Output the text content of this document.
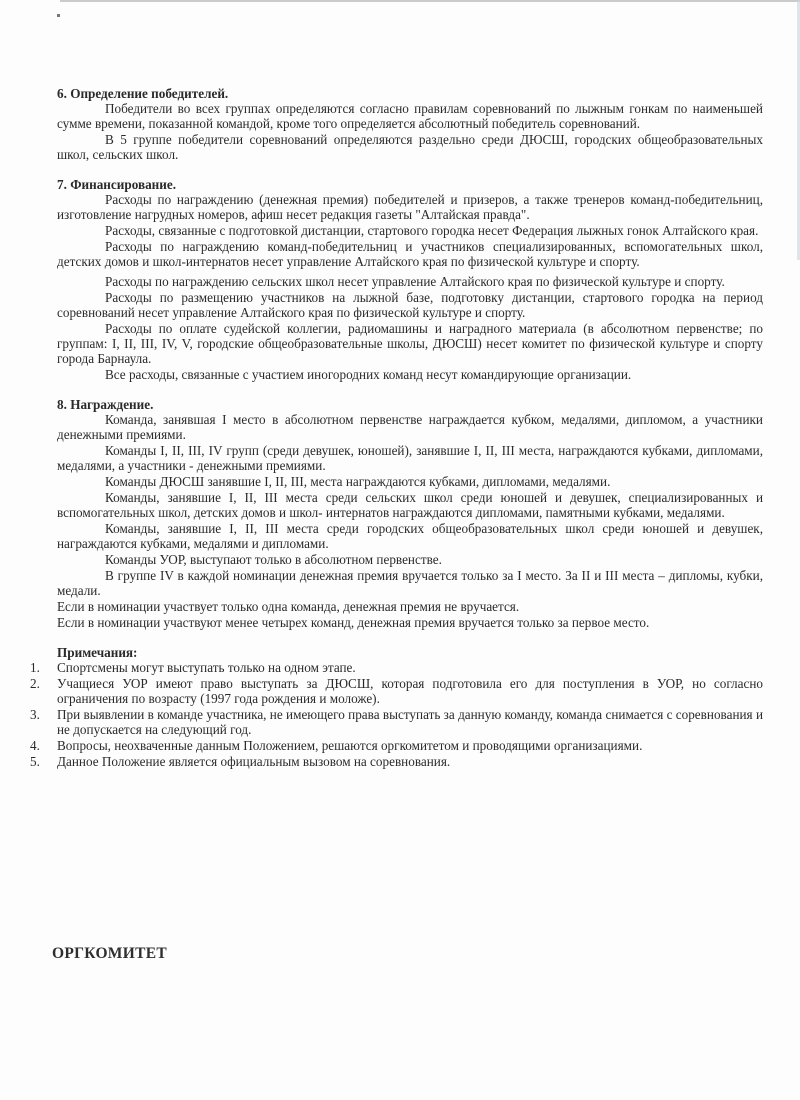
6. Определение победителей.

Победители во всех группах определяются согласно правилам соревнований по лыжным гонкам по наименьшей сумме времени, показанной командой, кроме того определяется абсолютный победитель соревнований.

В 5 группе победители соревнований определяются раздельно среди ДЮСШ, городских общеобразовательных школ, сельских школ.

7. Финансирование.

Расходы по награждению (денежная премия) победителей и призеров, а также тренеров команд-победительниц, изготовление нагрудных номеров, афиш несет редакция газеты "Алтайская правда".

Расходы, связанные с подготовкой дистанции, стартового городка несет Федерация лыжных гонок Алтайского края.

Расходы по награждению команд-победительниц и участников специализированных, вспомогательных школ, детских домов и школ-интернатов несет управление Алтайского края по физической культуре и спорту.

Расходы по награждению сельских школ несет управление Алтайского края по физической культуре и спорту.

Расходы по размещению участников на лыжной базе, подготовку дистанции, стартового городка на период соревнований несет управление Алтайского края по физической культуре и спорту.

Расходы по оплате судейской коллегии, радиомашины и наградного материала (в абсолютном первенстве; по группам: I, II, III, IV, V, городские общеобразовательные школы, ДЮСШ) несет комитет по физической культуре и спорту города Барнаула.

Все расходы, связанные с участием иногородних команд несут командирующие организации.

8. Награждение.

Команда, занявшая I место в абсолютном первенстве награждается кубком, медалями, дипломом, а участники денежными премиями.

Команды I, II, III, IV групп (среди девушек, юношей), занявшие I, II, III места, награждаются кубками, дипломами, медалями, а участники - денежными премиями.

Команды ДЮСШ занявшие I, II, III, места награждаются кубками, дипломами, медалями.

Команды, занявшие I, II, III места среди сельских школ среди юношей и девушек, специализированных и вспомогательных школ, детских домов и школ- интернатов награждаются дипломами, памятными кубками, медалями.

Команды, занявшие I, II, III места среди городских общеобразовательных школ среди юношей и девушек, награждаются кубками, медалями и дипломами.

Команды УОР, выступают только в абсолютном первенстве.

В группе IV в каждой номинации денежная премия вручается только за I место. За II и III места – дипломы, кубки, медали.

Если в номинации участвует только одна команда, денежная премия не вручается.

Если в номинации участвуют менее четырех команд, денежная премия вручается только за первое место.

Примечания:

1. Спортсмены могут выступать только на одном этапе.
2. Учащиеся УОР имеют право выступать за ДЮСШ, которая подготовила его для поступления в УОР, но согласно ограничения по возрасту (1997 года рождения и моложе).
3. При выявлении в команде участника, не имеющего права выступать за данную команду, команда снимается с соревнования и не допускается на следующий год.
4. Вопросы, неохваченные данным Положением, решаются оргкомитетом и проводящими организациями.
5. Данное Положение является официальным вызовом на соревнования.
ОРГКОМИТЕТ
